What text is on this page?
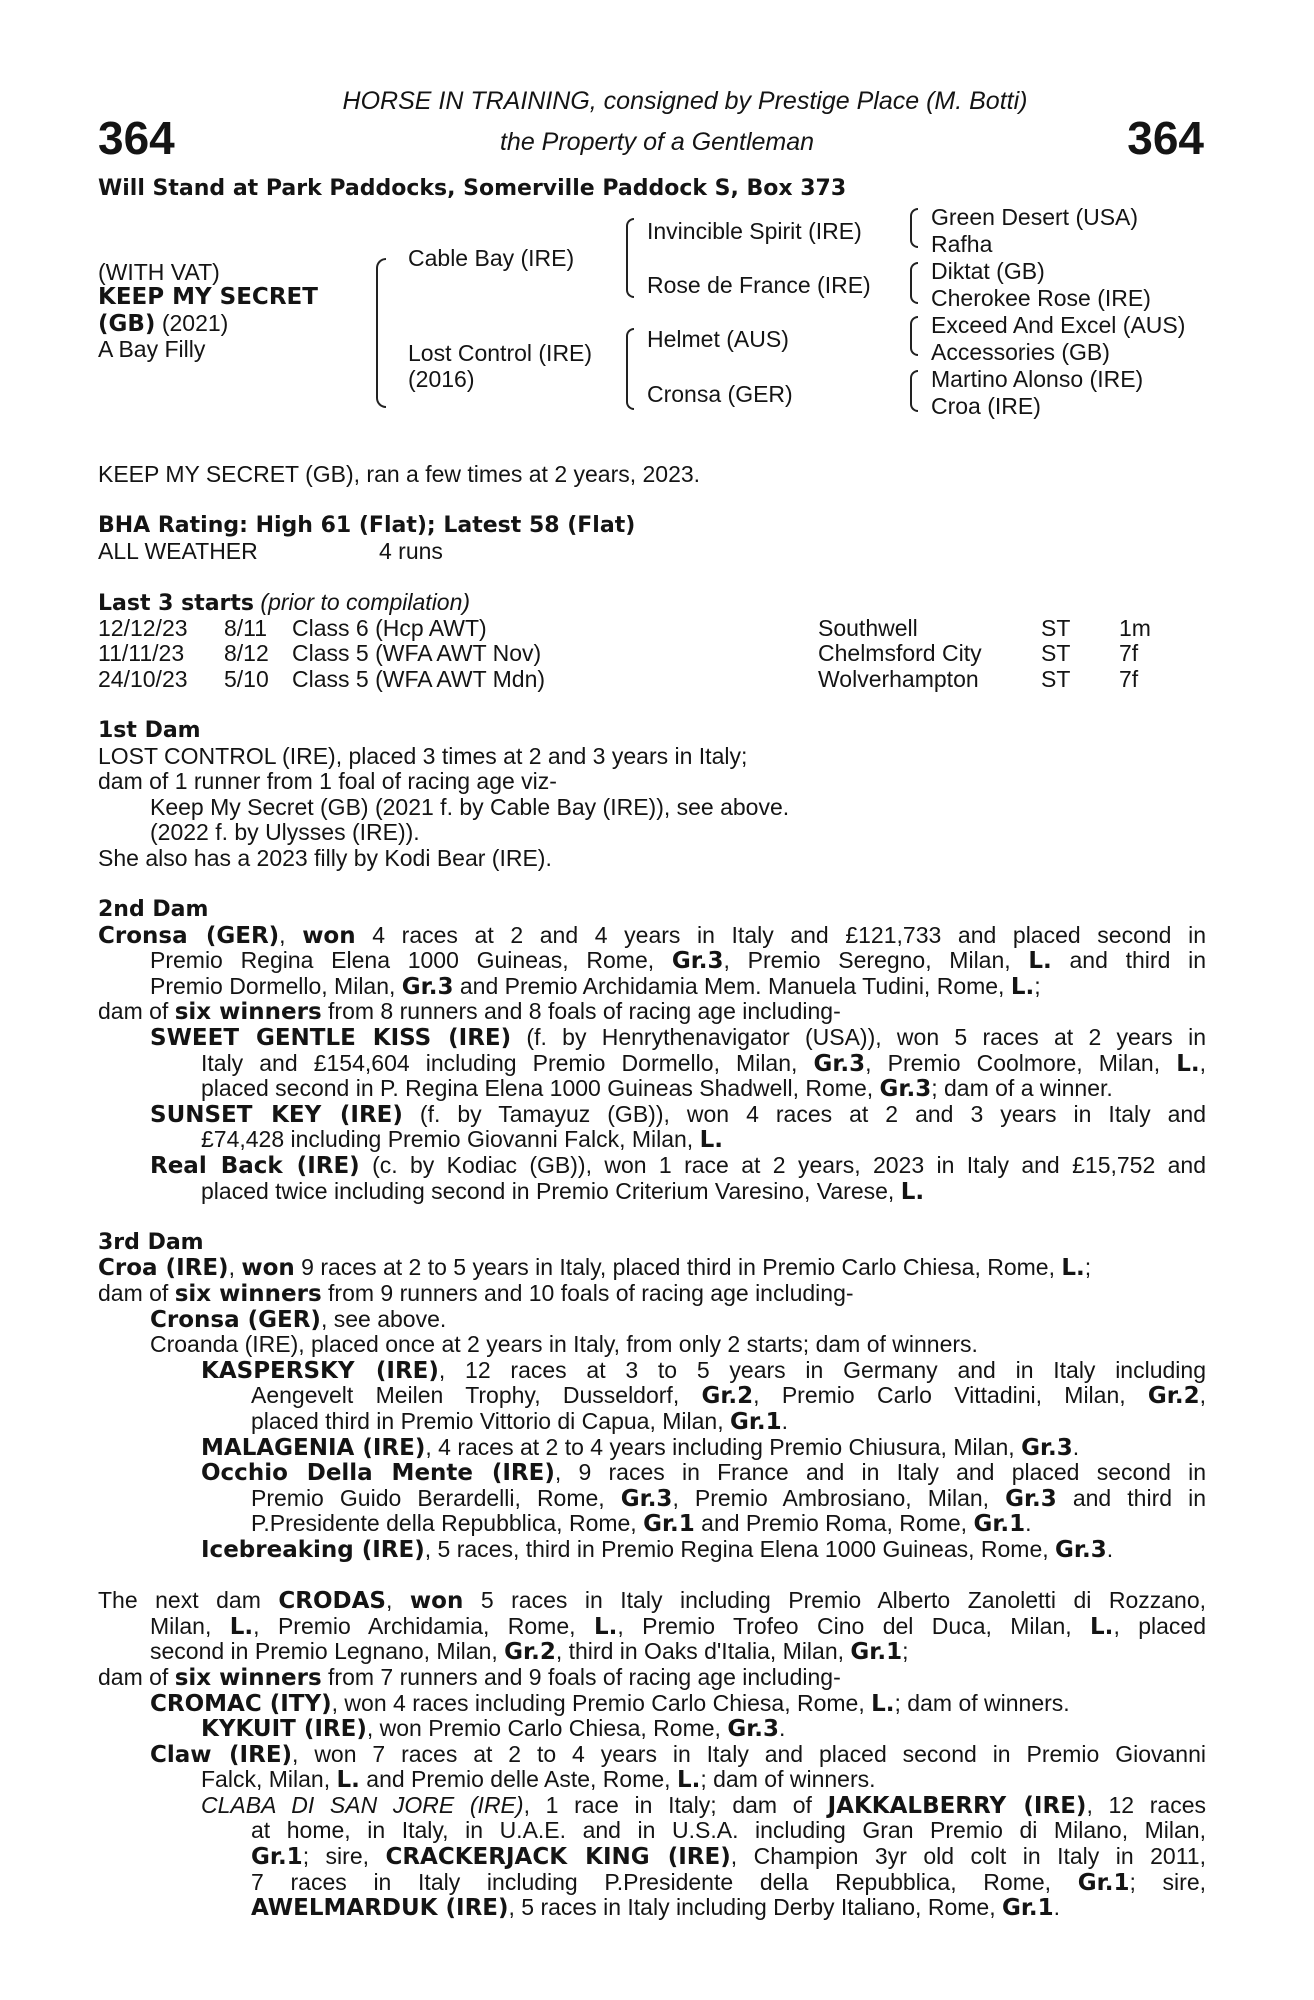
364	364
HORSE IN TRAINING, consigned by Prestige Place (M. Botti)
the Property of a Gentleman
Will Stand at Park Paddocks, Somerville Paddock S, Box 373
(WITH VAT)
KEEP MY SECRET
(GB) (2021)
A Bay Filly
Cable Bay (IRE)
Lost Control (IRE)
(2016)
Invincible Spirit (IRE)
Rose de France (IRE)
Helmet (AUS)
Cronsa (GER)
Green Desert (USA)
Rafha
Diktat (GB)
Cherokee Rose (IRE)
Exceed And Excel (AUS)
Accessories (GB)
Martino Alonso (IRE)
Croa (IRE)
KEEP MY SECRET (GB), ran a few times at 2 years, 2023.
BHA Rating: High 61 (Flat); Latest 58 (Flat)
ALL WEATHER	4 runs
Last 3 starts (prior to compilation)
12/12/23 8/11 Class 6 (Hcp AWT)	Southwell	ST 1m
11/11/23 8/12 Class 5 (WFA AWT Nov)	Chelmsford City	ST 7f
24/10/23 5/10 Class 5 (WFA AWT Mdn)	Wolverhampton	ST 7f
1st Dam
LOST CONTROL (IRE), placed 3 times at 2 and 3 years in Italy;
dam of 1 runner from 1 foal of racing age viz-
Keep My Secret (GB) (2021 f. by Cable Bay (IRE)), see above.
(2022 f. by Ulysses (IRE)).
She also has a 2023 filly by Kodi Bear (IRE).
2nd Dam
Cronsa (GER), won 4 races at 2 and 4 years in Italy and £121,733 and placed second in
Premio Regina Elena 1000 Guineas, Rome, Gr.3, Premio Seregno, Milan, L. and third in
Premio Dormello, Milan, Gr.3 and Premio Archidamia Mem. Manuela Tudini, Rome, L.;
dam of six winners from 8 runners and 8 foals of racing age including-
SWEET GENTLE KISS (IRE) (f. by Henrythenavigator (USA)), won 5 races at 2 years in
Italy and £154,604 including Premio Dormello, Milan, Gr.3, Premio Coolmore, Milan, L.,
placed second in P. Regina Elena 1000 Guineas Shadwell, Rome, Gr.3; dam of a winner.
SUNSET KEY (IRE) (f. by Tamayuz (GB)), won 4 races at 2 and 3 years in Italy and
£74,428 including Premio Giovanni Falck, Milan, L.
Real Back (IRE) (c. by Kodiac (GB)), won 1 race at 2 years, 2023 in Italy and £15,752 and
placed twice including second in Premio Criterium Varesino, Varese, L.
3rd Dam
Croa (IRE), won 9 races at 2 to 5 years in Italy, placed third in Premio Carlo Chiesa, Rome, L.;
dam of six winners from 9 runners and 10 foals of racing age including-
Cronsa (GER), see above.
Croanda (IRE), placed once at 2 years in Italy, from only 2 starts; dam of winners.
KASPERSKY (IRE), 12 races at 3 to 5 years in Germany and in Italy including
Aengevelt Meilen Trophy, Dusseldorf, Gr.2, Premio Carlo Vittadini, Milan, Gr.2,
placed third in Premio Vittorio di Capua, Milan, Gr.1.
MALAGENIA (IRE), 4 races at 2 to 4 years including Premio Chiusura, Milan, Gr.3.
Occhio Della Mente (IRE), 9 races in France and in Italy and placed second in
Premio Guido Berardelli, Rome, Gr.3, Premio Ambrosiano, Milan, Gr.3 and third in
P.Presidente della Repubblica, Rome, Gr.1 and Premio Roma, Rome, Gr.1.
Icebreaking (IRE), 5 races, third in Premio Regina Elena 1000 Guineas, Rome, Gr.3.
The next dam CRODAS, won 5 races in Italy including Premio Alberto Zanoletti di Rozzano,
Milan, L., Premio Archidamia, Rome, L., Premio Trofeo Cino del Duca, Milan, L., placed
second in Premio Legnano, Milan, Gr.2, third in Oaks d'Italia, Milan, Gr.1;
dam of six winners from 7 runners and 9 foals of racing age including-
CROMAC (ITY), won 4 races including Premio Carlo Chiesa, Rome, L.; dam of winners.
KYKUIT (IRE), won Premio Carlo Chiesa, Rome, Gr.3.
Claw (IRE), won 7 races at 2 to 4 years in Italy and placed second in Premio Giovanni
Falck, Milan, L. and Premio delle Aste, Rome, L.; dam of winners.
CLABA DI SAN JORE (IRE), 1 race in Italy; dam of JAKKALBERRY (IRE), 12 races
at home, in Italy, in U.A.E. and in U.S.A. including Gran Premio di Milano, Milan,
Gr.1; sire, CRACKERJACK KING (IRE), Champion 3yr old colt in Italy in 2011,
7 races in Italy including P.Presidente della Repubblica, Rome, Gr.1; sire,
AWELMARDUK (IRE), 5 races in Italy including Derby Italiano, Rome, Gr.1.
